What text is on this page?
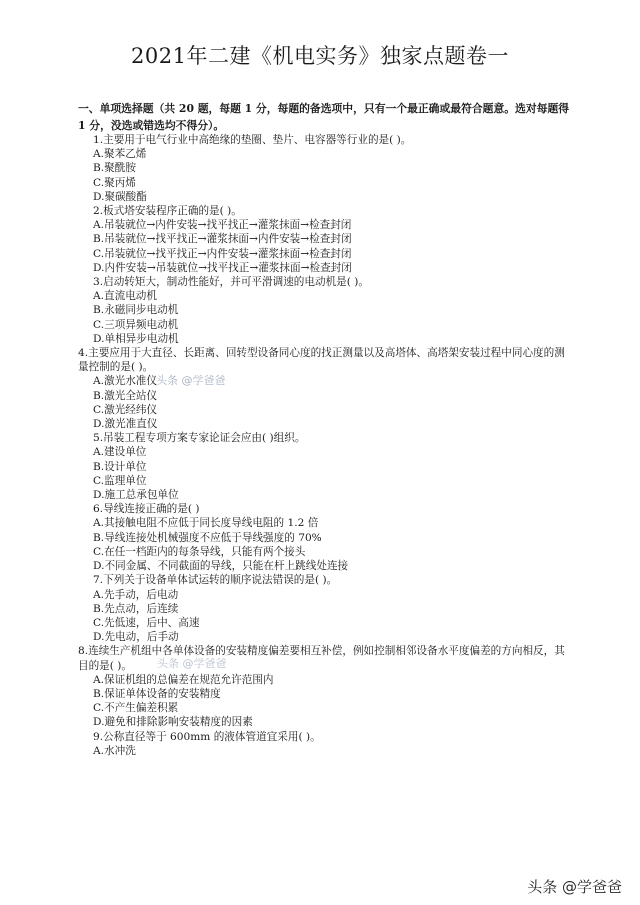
2021年二建《机电实务》独家点题卷一
一、单项选择题（共 20 题，每题 1 分，每题的备选项中，只有一个最正确或最符合题意。选对每题得 1 分，没选或错选均不得分）。
1.主要用于电气行业中高绝缘的垫圈、垫片、电容器等行业的是( )。
A.聚苯乙烯
B.聚酰胺
C.聚丙烯
D.聚碳酸酯
2.板式塔安装程序正确的是( )。
A.吊装就位→内件安装→找平找正→灌浆抹面→检查封闭
B.吊装就位→找平找正→灌浆抹面→内件安装→检查封闭
C.吊装就位→找平找正→内件安装→灌浆抹面→检查封闭
D.内件安装→吊装就位→找平找正→灌浆抹面→检查封闭
3.启动转矩大，制动性能好，并可平滑调速的电动机是( )。
A.直流电动机
B.永磁同步电动机
C.三项异频电动机
D.单相异步电动机
4.主要应用于大直径、长距离、回转型设备同心度的找正测量以及高塔体、高塔架安装过程中同心度的测量控制的是( )。
A.激光水准仪
B.激光全站仪
C.激光经纬仪
D.激光准直仪
5.吊装工程专项方案专家论证会应由( )组织。
A.建设单位
B.设计单位
C.监理单位
D.施工总承包单位
6.导线连接正确的是( )
A.其接触电阻不应低于同长度导线电阻的 1.2 倍
B.导线连接处机械强度不应低于导线强度的 70%
C.在任一档距内的每条导线，只能有两个接头
D.不同金属、不同截面的导线，只能在杆上跳线处连接
7.下列关于设备单体试运转的顺序说法错误的是( )。
A.先手动，后电动
B.先点动，后连续
C.先低速，后中、高速
D.先电动，后手动
8.连续生产机组中各单体设备的安装精度偏差要相互补偿，例如控制相邻设备水平度偏差的方向相反，其目的是( )。
A.保证机组的总偏差在规范允许范围内
B.保证单体设备的安装精度
C.不产生偏差积累
D.避免和排除影响安装精度的因素
9.公称直径等于 600mm 的液体管道宜采用( )。
A.水冲洗
头条 @学爸爸
头条 @学爸爸
头条 @学爸爸
